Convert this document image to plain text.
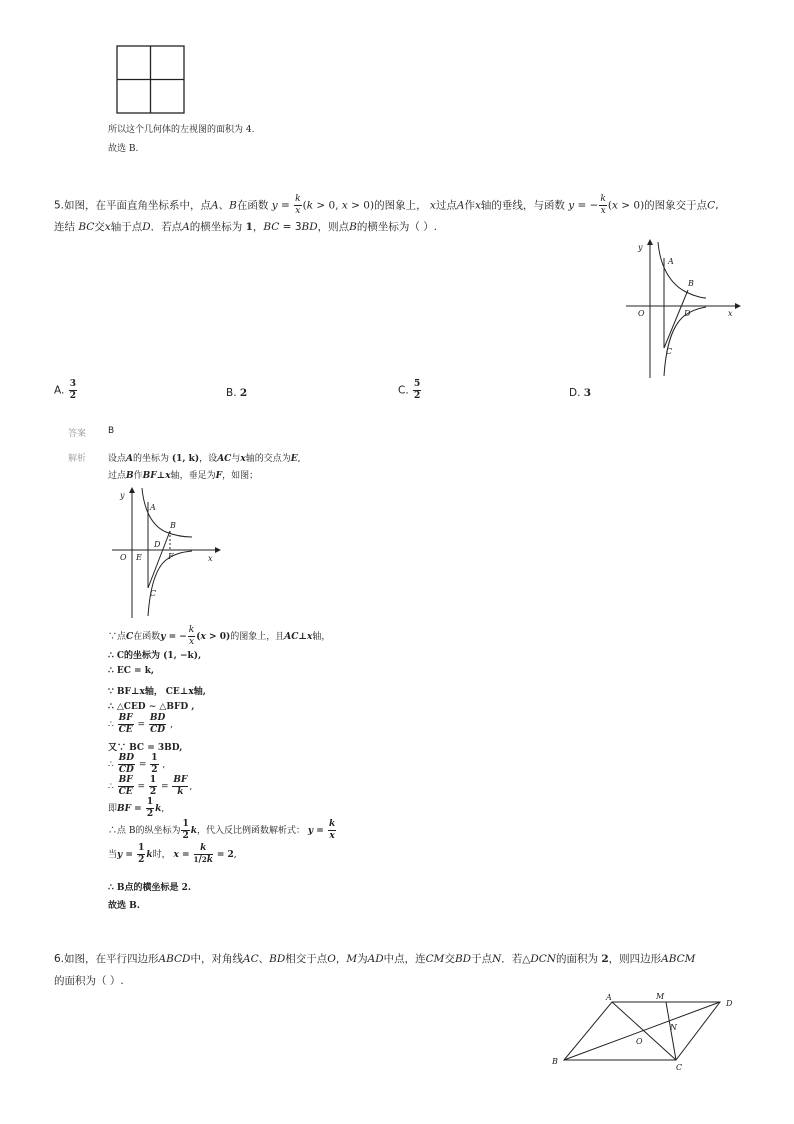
所以这个几何体的左视图的面积为 4.
故选 B.
5.如图，在平面直角坐标系中，点A、B在函数 $y = \frac{k}{x} (k > 0$, x > 0)的图象上， x过点A作x轴的垂线，与函数 y = − $\frac{k}{x} (x > 0)$的图象交于点C,
连结 BC交x轴于点D．若点A的横坐标为 1，BC = 3BD，则点B的横坐标为（ ）.
y
x
O
A
B
D
C
A. $\frac{3}{2}$	B. 2	C. $\frac{5}{2}$	D. 3
答案 B
解析 设点A的坐标为 (1, k)，设AC与x轴的交点为E,
过点B作BF⊥x轴，垂足为F，如图；
y
x
O E
A
B
D
F
C
∵点C在函数y = − $\frac{k}{x} (x > 0)$的图象上，且AC⊥x轴，
∴ C的坐标为 (1, −k),
∴ EC = k,
∵ BF⊥x轴， CE⊥x轴,
∴ △CED ∼ △BFD ,
∴ $\frac{BF}{CE} = \frac{BD}{CD}$ ,
又∵ BC = 3BD,
∴ $\frac{BD}{CD} = \frac{1}{2}$ ,
∴ $\frac{BF}{CE} = \frac{1}{2} = \frac{BF}{k}$ ,
即BF = $\frac{1}{2} k$,
∴点 B的纵坐标为 $\frac{1}{2}$ k，代入反比例函数解析式： $y = \frac{k}{x}$
当$y = \frac{1}{2}$ k时， $x = \frac{k}{1/2k} = 2$,
∴ B点的横坐标是 2.
故选 B.
6.如图，在平行四边形ABCD中，对角线AC、BD相交于点O，M为AD中点，连CM交BD于点N．若△DCN的面积为 2，则四边形ABCM
的面积为（ ）.
A	M
D
N
O
B
C
